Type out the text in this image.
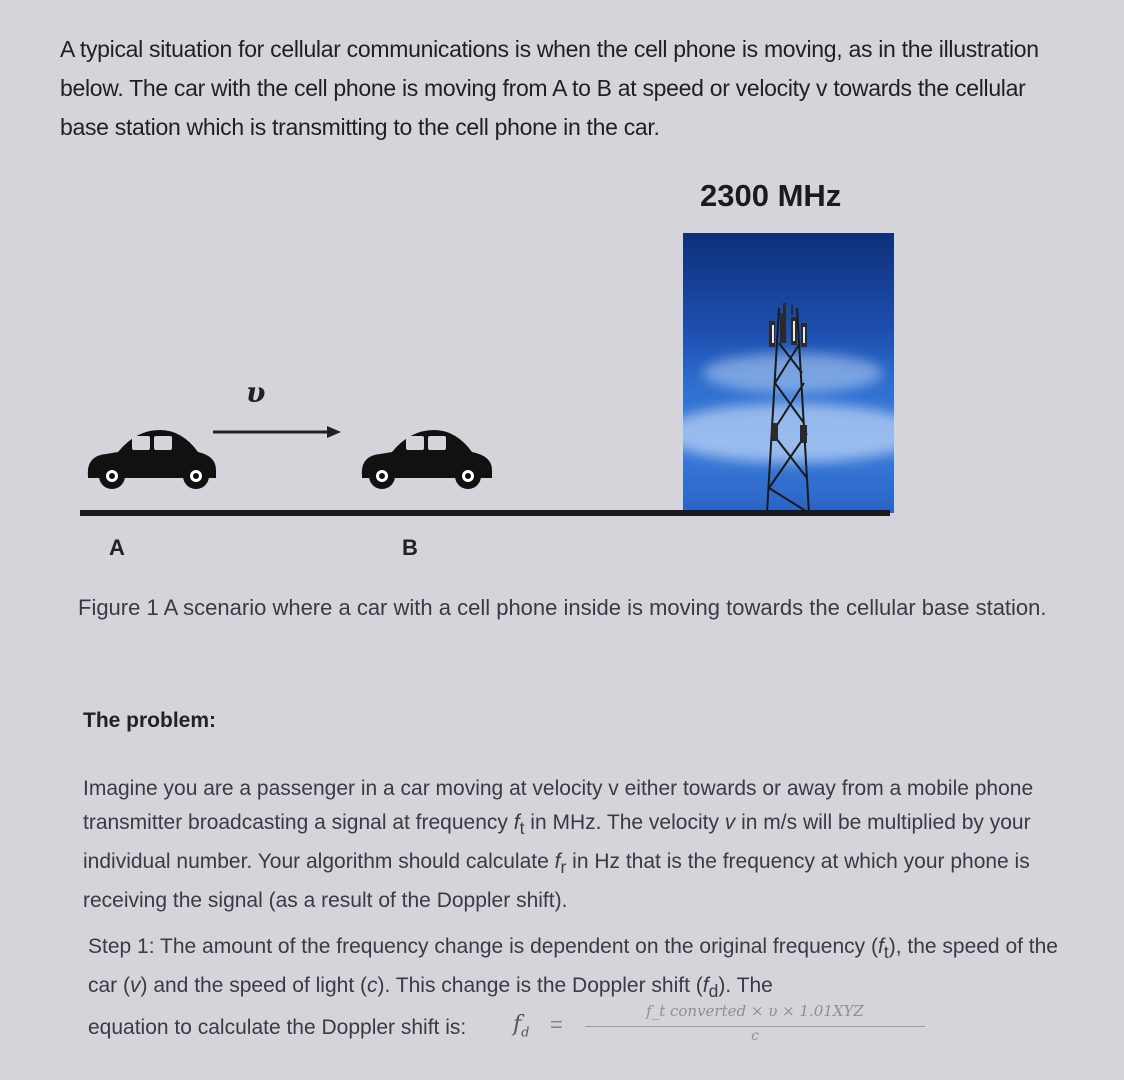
A typical situation for cellular communications is when the cell phone is moving, as in the illustration below. The car with the cell phone is moving from A to B at speed or velocity v towards the cellular base station which is transmitting to the cell phone in the car.
2300 MHz
υ
A	B
Figure 1 A scenario where a car with a cell phone inside is moving towards the cellular base station.
The problem:
Imagine you are a passenger in a car moving at velocity v either towards or away from a mobile phone transmitter broadcasting a signal at frequency $f_t$ in MHz. The velocity v in m/s will be multiplied by your individual number. Your algorithm should calculate $f_r$ in Hz that is the frequency at which your phone is receiving the signal (as a result of the Doppler shift).
Step 1: The amount of the frequency change is dependent on the original frequency $(f_t)$, the speed of the car (v) and the speed of light (c). This change is the Doppler shift $(f_d)$. The
equation to calculate the Doppler shift is: $f_d$ =
f_t converted × υ × 1.01XYZ
c
